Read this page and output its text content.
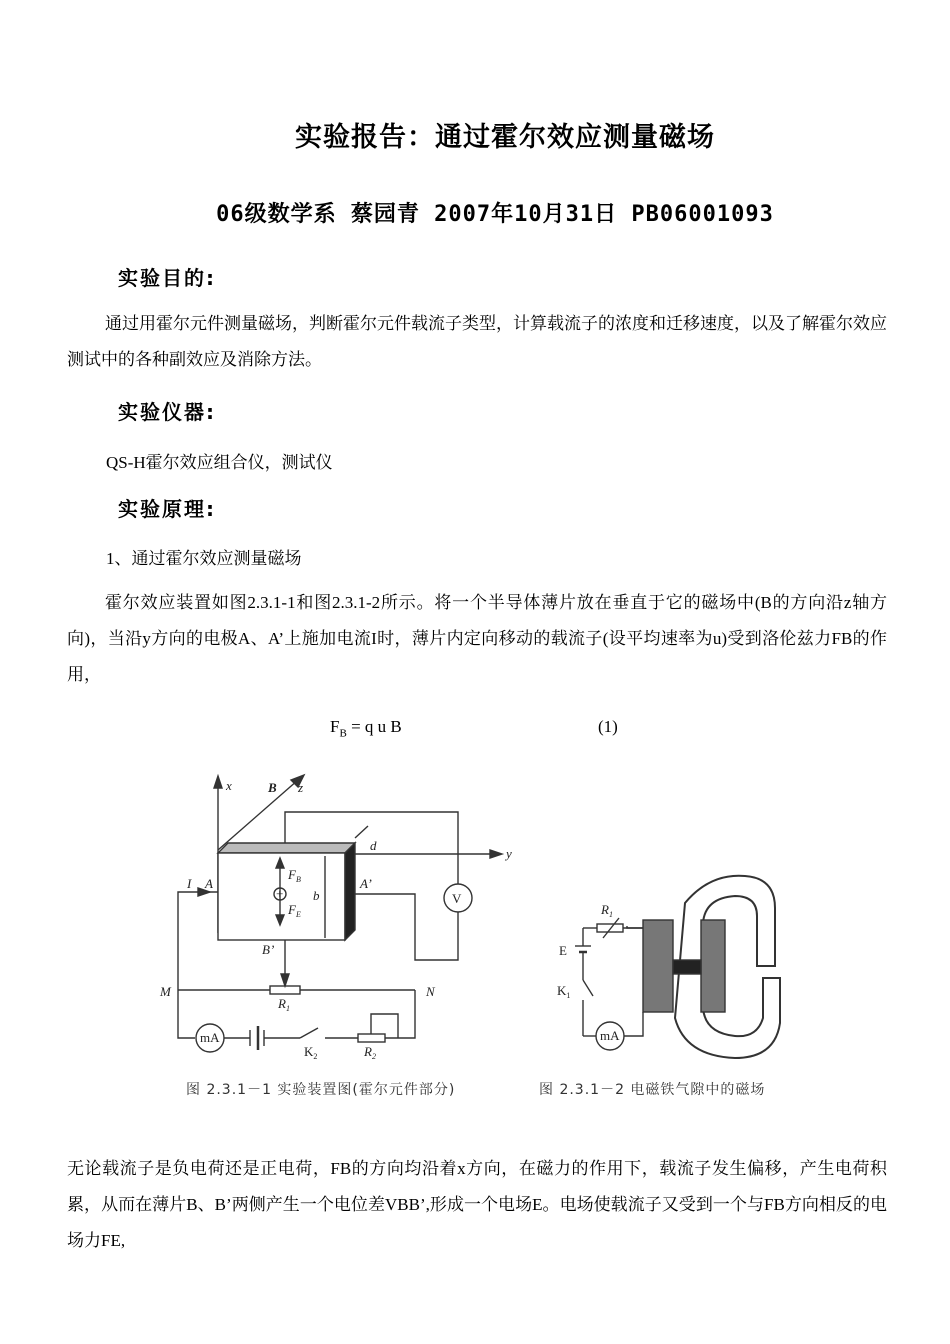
实验报告：通过霍尔效应测量磁场
06级数学系 蔡园青 2007年10月31日 PB06001093
实验目的:
通过用霍尔元件测量磁场，判断霍尔元件载流子类型，计算载流子的浓度和迁移速度，以及了解霍尔效应测试中的各种副效应及消除方法。
实验仪器:
QS-H霍尔效应组合仪，测试仪
实验原理:
1、通过霍尔效应测量磁场
霍尔效应装置如图2.3.1-1和图2.3.1-2所示。将一个半导体薄片放在垂直于它的磁场中(B的方向沿z轴方向)，当沿y方向的电极A、A’上施加电流I时，薄片内定向移动的载流子(设平均速率为u)受到洛伦兹力FB的作用，
$F_B = q$ u B	(1)
x	B z
y
d
I A	A’
+
$F_B$
$F_E$
b
B’
V
M	N
$R_1$
mA
$K_2$	$R_2$
图 2.3.1－1 实验装置图(霍尔元件部分)
$R_1$
E
$K_1$
mA
图 2.3.1－2 电磁铁气隙中的磁场
无论载流子是负电荷还是正电荷，FB的方向均沿着x方向，在磁力的作用下，载流子发生偏移，产生电荷积累，从而在薄片B、B’两侧产生一个电位差VBB’,形成一个电场E。电场使载流子又受到一个与FB方向相反的电场力FE,
